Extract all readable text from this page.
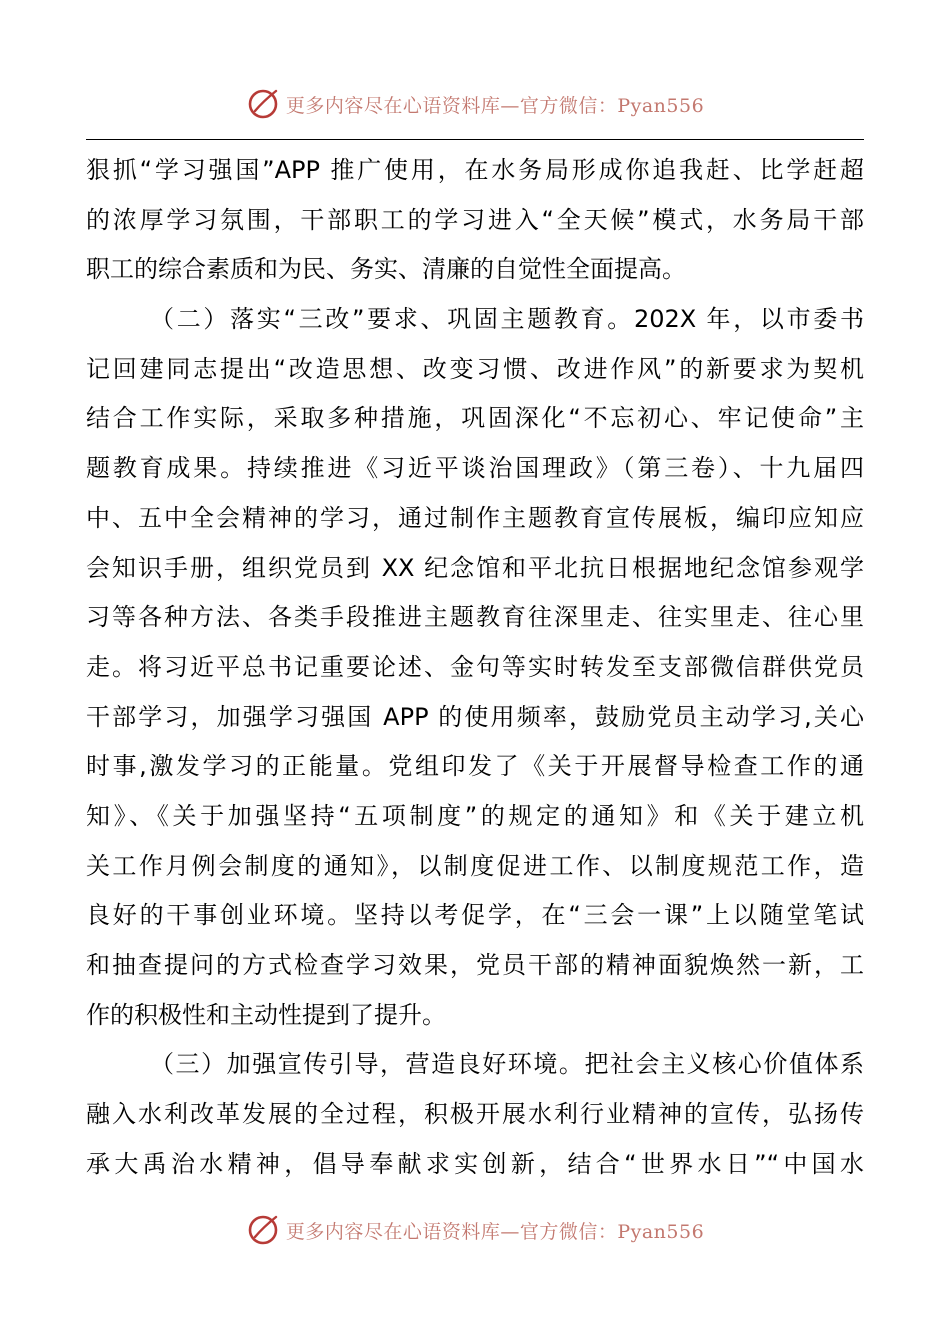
更多内容尽在心语资料库—官方微信：Pyan556
狠抓“学习强国”APP 推广使用，在水务局形成你追我赶、比学赶超
的浓厚学习氛围，干部职工的学习进入“全天候”模式，水务局干部
职工的综合素质和为民、务实、清廉的自觉性全面提高。
（二）落实“三改”要求、巩固主题教育。202X 年，以市委书
记回建同志提出“改造思想、改变习惯、改进作风”的新要求为契机
结合工作实际，采取多种措施，巩固深化“不忘初心、牢记使命”主
题教育成果。持续推进《习近平谈治国理政》（第三卷）、十九届四
中、五中全会精神的学习，通过制作主题教育宣传展板，编印应知应
会知识手册，组织党员到 XX 纪念馆和平北抗日根据地纪念馆参观学
习等各种方法、各类手段推进主题教育往深里走、往实里走、往心里
走。将习近平总书记重要论述、金句等实时转发至支部微信群供党员
干部学习，加强学习强国 APP 的使用频率，鼓励党员主动学习,关心
时事,激发学习的正能量。党组印发了《关于开展督导检查工作的通
知》、《关于加强坚持“五项制度”的规定的通知》和《关于建立机
关工作月例会制度的通知》，以制度促进工作、以制度规范工作，造
良好的干事创业环境。坚持以考促学，在“三会一课”上以随堂笔试
和抽查提问的方式检查学习效果，党员干部的精神面貌焕然一新，工
作的积极性和主动性提到了提升。
（三）加强宣传引导，营造良好环境。把社会主义核心价值体系
融入水利改革发展的全过程，积极开展水利行业精神的宣传，弘扬传
承大禹治水精神，倡导奉献求实创新，结合“世界水日”“中国水
更多内容尽在心语资料库—官方微信：Pyan556
